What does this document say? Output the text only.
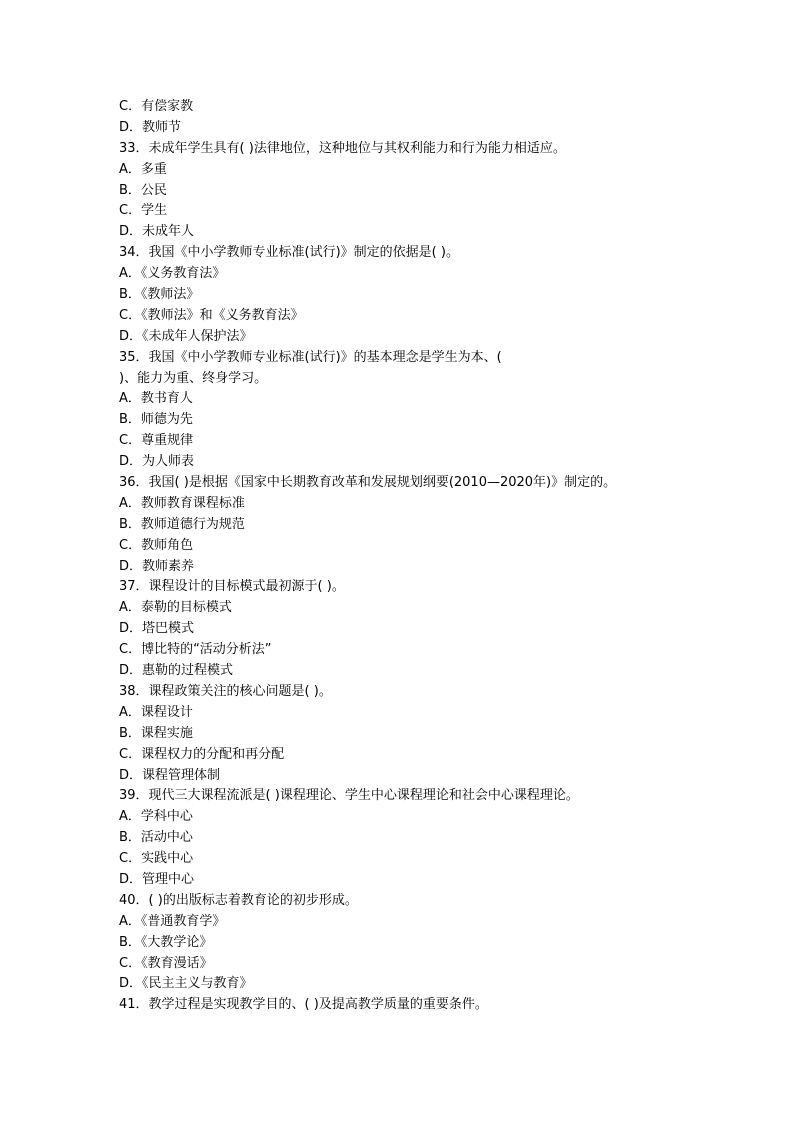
C．有偿家教
D．教师节
33．未成年学生具有( )法律地位，这种地位与其权利能力和行为能力相适应。
A．多重
B．公民
C．学生
D．未成年人
34．我国《中小学教师专业标准(试行)》制定的依据是( )。
A．《义务教育法》
B．《教师法》
C．《教师法》和《义务教育法》
D．《未成年人保护法》
35．我国《中小学教师专业标准(试行)》的基本理念是学生为本、(
)、能力为重、终身学习。
A．教书育人
B．师德为先
C．尊重规律
D．为人师表
36．我国( )是根据《国家中长期教育改革和发展规划纲要(2010—2020年)》制定的。
A．教师教育课程标准
B．教师道德行为规范
C．教师角色
D．教师素养
37．课程设计的目标模式最初源于( )。
A．泰勒的目标模式
D．塔巴模式
C．博比特的“活动分析法”
D．惠勒的过程模式
38．课程政策关注的核心问题是( )。
A．课程设计
B．课程实施
C．课程权力的分配和再分配
D．课程管理体制
39．现代三大课程流派是( )课程理论、学生中心课程理论和社会中心课程理论。
A．学科中心
B．活动中心
C．实践中心
D．管理中心
40．( )的出版标志着教育论的初步形成。
A．《普通教育学》
B．《大教学论》
C．《教育漫话》
D．《民主主义与教育》
41．教学过程是实现教学目的、( )及提高教学质量的重要条件。
